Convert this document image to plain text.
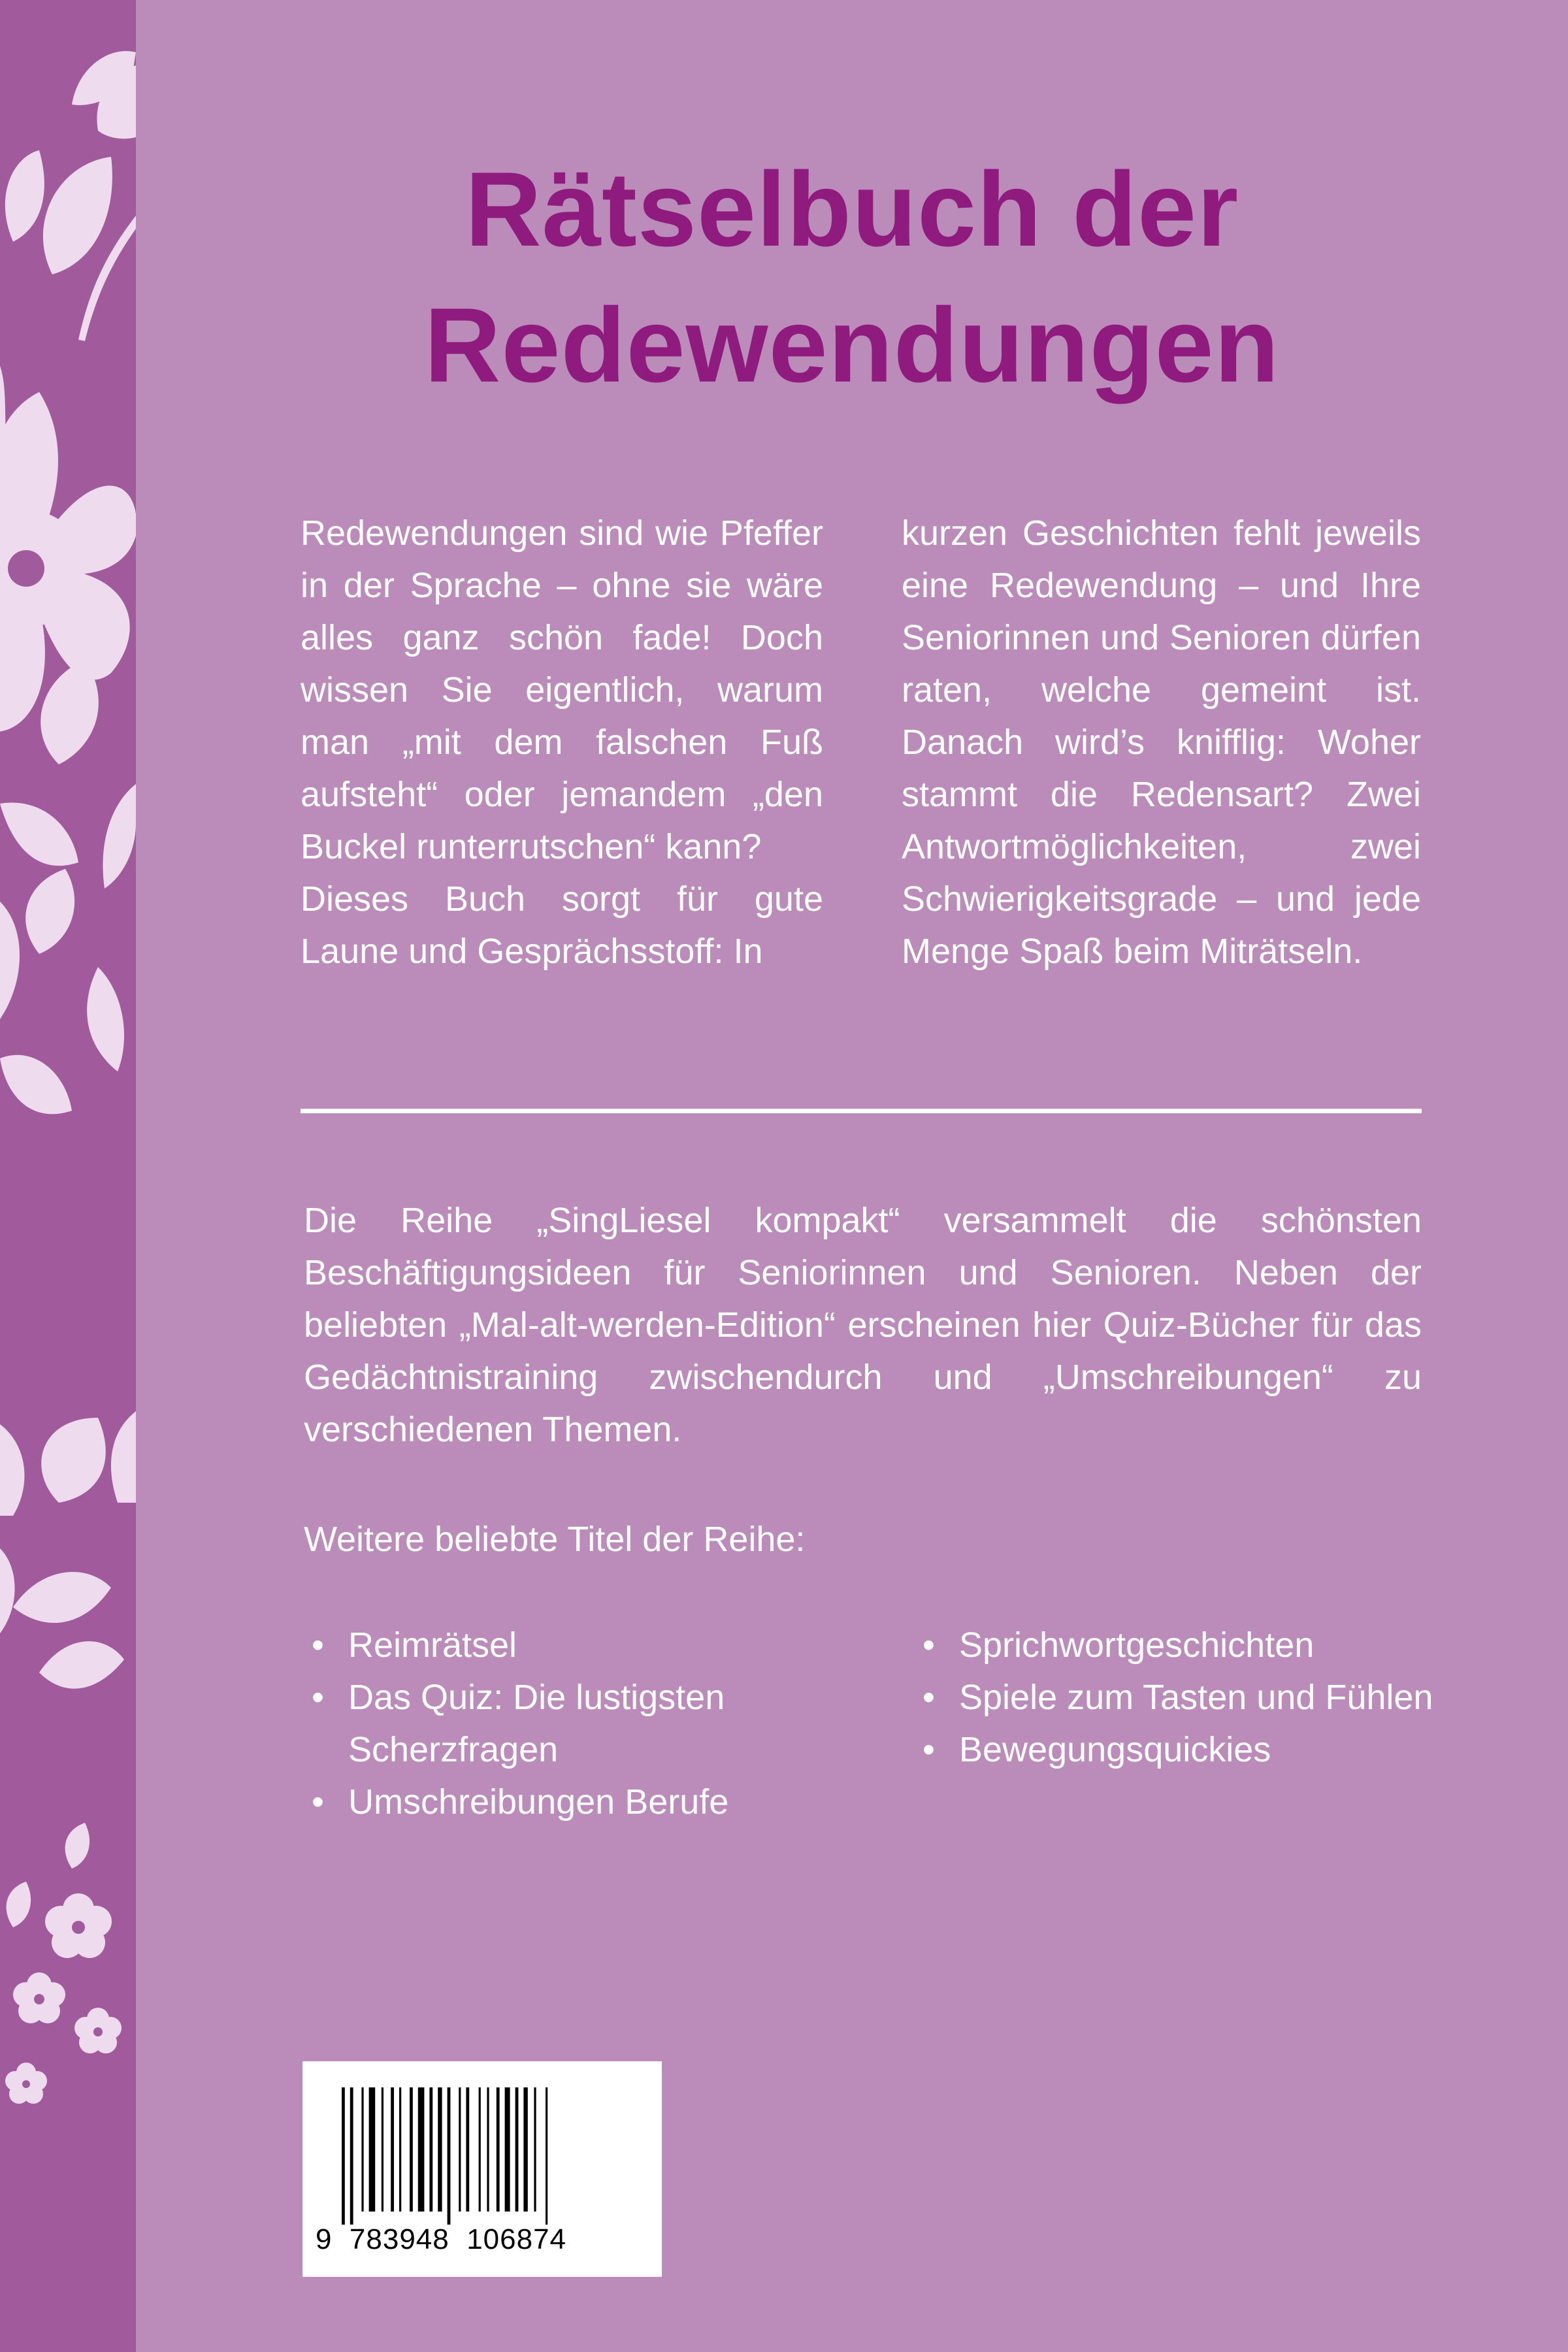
Rätselbuch der
Redewendungen

Redewendungen sind wie Pfeffer in der Sprache – ohne sie wäre alles ganz schön fade! Doch wissen Sie eigentlich, warum man „mit dem falschen Fuß aufsteht“ oder jemandem „den Buckel runterrutschen“ kann?

Dieses Buch sorgt für gute Laune und Gesprächsstoff: In

kurzen Geschichten fehlt jeweils eine Redewendung – und Ihre Seniorinnen und Senioren dürfen raten, welche gemeint ist. Danach wird’s knifflig: Woher stammt die Redensart? Zwei Antwortmöglichkeiten, zwei Schwierigkeitsgrade – und jede Menge Spaß beim Miträtseln.

Die Reihe „SingLiesel kompakt“ versammelt die schönsten Beschäftigungsideen für Seniorinnen und Senioren. Neben der beliebten „Mal-alt-werden-Edition“ erscheinen hier Quiz-Bücher für das Gedächtnistraining zwischendurch und „Umschreibungen“ zu verschiedenen Themen.
Weitere beliebte Titel der Reihe:
• Reimrätsel
• Das Quiz: Die lustigsten Scherzfragen
• Umschreibungen Berufe
• Sprichwortgeschichten
• Spiele zum Tasten und Fühlen
• Bewegungsquickies
9  783948  106874
